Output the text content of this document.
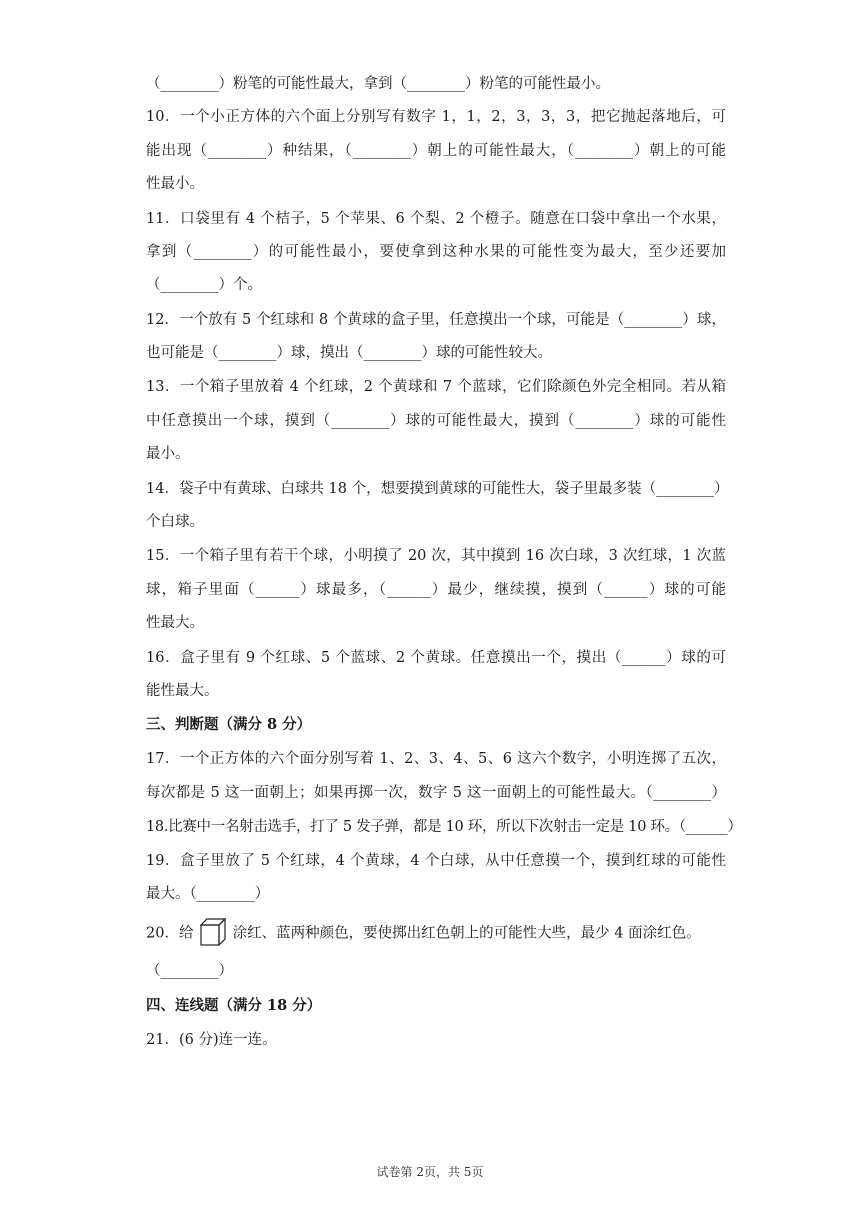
（________）粉笔的可能性最大，拿到（________）粉笔的可能性最小。
10．一个小正方体的六个面上分别写有数字 1，1，2，3，3，3，把它抛起落地后，可
能出现（________）种结果，（________）朝上的可能性最大，（________）朝上的可能
性最小。
11．口袋里有 4 个桔子，5 个苹果、6 个梨、2 个橙子。随意在口袋中拿出一个水果，
拿到（________）的可能性最小，要使拿到这种水果的可能性变为最大，至少还要加
（________）个。
12．一个放有 5 个红球和 8 个黄球的盒子里，任意摸出一个球，可能是（________）球，
也可能是（________）球，摸出（________）球的可能性较大。
13．一个箱子里放着 4 个红球，2 个黄球和 7 个蓝球，它们除颜色外完全相同。若从箱
中任意摸出一个球，摸到（________）球的可能性最大，摸到（________）球的可能性
最小。
14．袋子中有黄球、白球共 18 个，想要摸到黄球的可能性大，袋子里最多装（________）
个白球。
15．一个箱子里有若干个球，小明摸了 20 次，其中摸到 16 次白球，3 次红球，1 次蓝
球，箱子里面（______）球最多，（______）最少，继续摸，摸到（______）球的可能
性最大。
16．盒子里有 9 个红球、5 个蓝球、2 个黄球。任意摸出一个，摸出（______）球的可
能性最大。
三、判断题（满分 8 分）
17．一个正方体的六个面分别写着 1、2、3、4、5、6 这六个数字，小明连掷了五次，
每次都是 5 这一面朝上；如果再掷一次，数字 5 这一面朝上的可能性最大。（________）
18.比赛中一名射击选手，打了 5 发子弹，都是 10 环，所以下次射击一定是 10 环。（______）
19．盒子里放了 5 个红球，4 个黄球，4 个白球，从中任意摸一个，摸到红球的可能性
最大。（________）
20．给	涂红、蓝两种颜色，要使掷出红色朝上的可能性大些，最少 4 面涂红色。
（________）
四、连线题（满分 18 分）
21．(6 分)连一连。
试卷第 2页，共 5页
